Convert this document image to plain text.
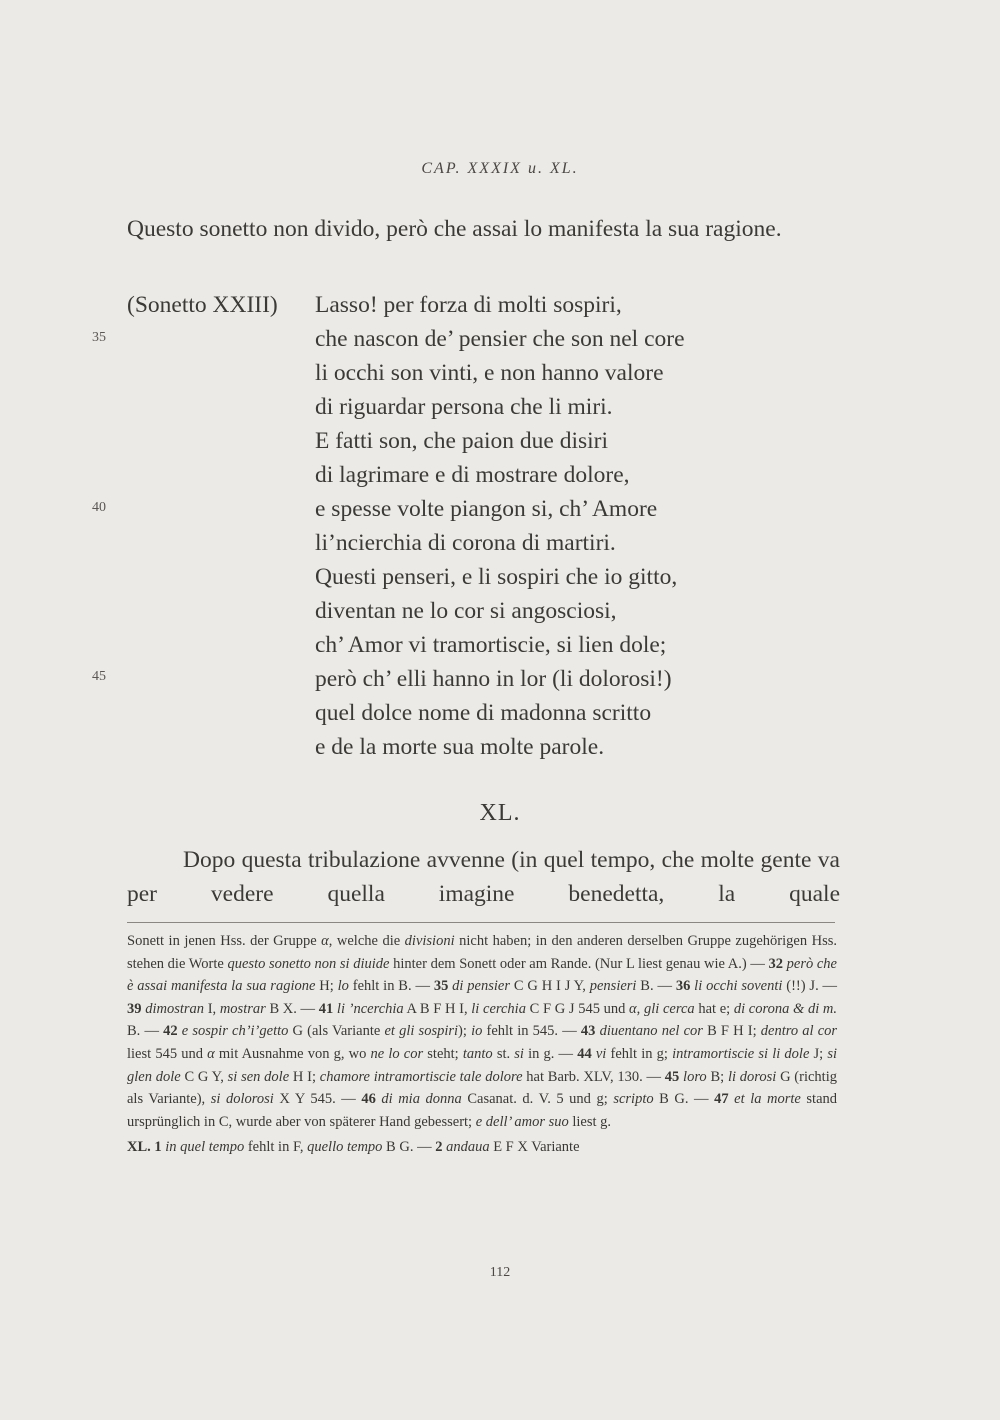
CAP. XXXIX u. XL.
Questo sonetto non divido, però che assai lo manifesta la sua ragione.
(Sonetto XXIII) Lasso! per forza di molti sospiri,
che nascon de’ pensier che son nel core
li occhi son vinti, e non hanno valore
di riguardar persona che li miri.
E fatti son, che paion due disiri
di lagrimare e di mostrare dolore,
e spesse volte piangon si, ch’ Amore
li’ncierchia di corona di martiri.
Questi penseri, e li sospiri che io gitto,
diventan ne lo cor si angosciosi,
ch’ Amor vi tramortiscie, si lien dole;
però ch’ elli hanno in lor (li dolorosi!)
quel dolce nome di madonna scritto
e de la morte sua molte parole.
35
40
45
XL.
Dopo questa tribulazione avvenne (in quel tempo, che molte gente va per vedere quella imagine benedetta, la quale

Sonett in jenen Hss. der Gruppe α, welche die divisioni nicht haben; in den anderen derselben Gruppe zugehörigen Hss. stehen die Worte questo sonetto non si diuide hinter dem Sonett oder am Rande. (Nur L liest genau wie A.) — 32 però che è assai manifesta la sua ragione H; lo fehlt in B. — 35 di pensier C G H I J Y, pensieri B. — 36 li occhi soventi (!!) J. — 39 dimostran I, mostrar B X. — 41 li ’ncerchia A B F H I, li cerchia C F G J 545 und α, gli cerca hat e; di corona & di m. B. — 42 e sospir ch’i’getto G (als Variante et gli sospiri); io fehlt in 545. — 43 diuentano nel cor B F H I; dentro al cor liest 545 und α mit Ausnahme von g, wo ne lo cor steht; tanto st. si in g. — 44 vi fehlt in g; intramortiscie si li dole J; si glen dole C G Y, si sen dole H I; chamore intramortiscie tale dolore hat Barb. XLV, 130. — 45 loro B; li dorosi G (richtig als Variante), si dolorosi X Y 545. — 46 di mia donna Casanat. d. V. 5 und g; scripto B G. — 47 et la morte stand ursprünglich in C, wurde aber von späterer Hand gebessert; e dell’ amor suo liest g.

XL. 1 in quel tempo fehlt in F, quello tempo B G. — 2 andaua E F X Variante

112
